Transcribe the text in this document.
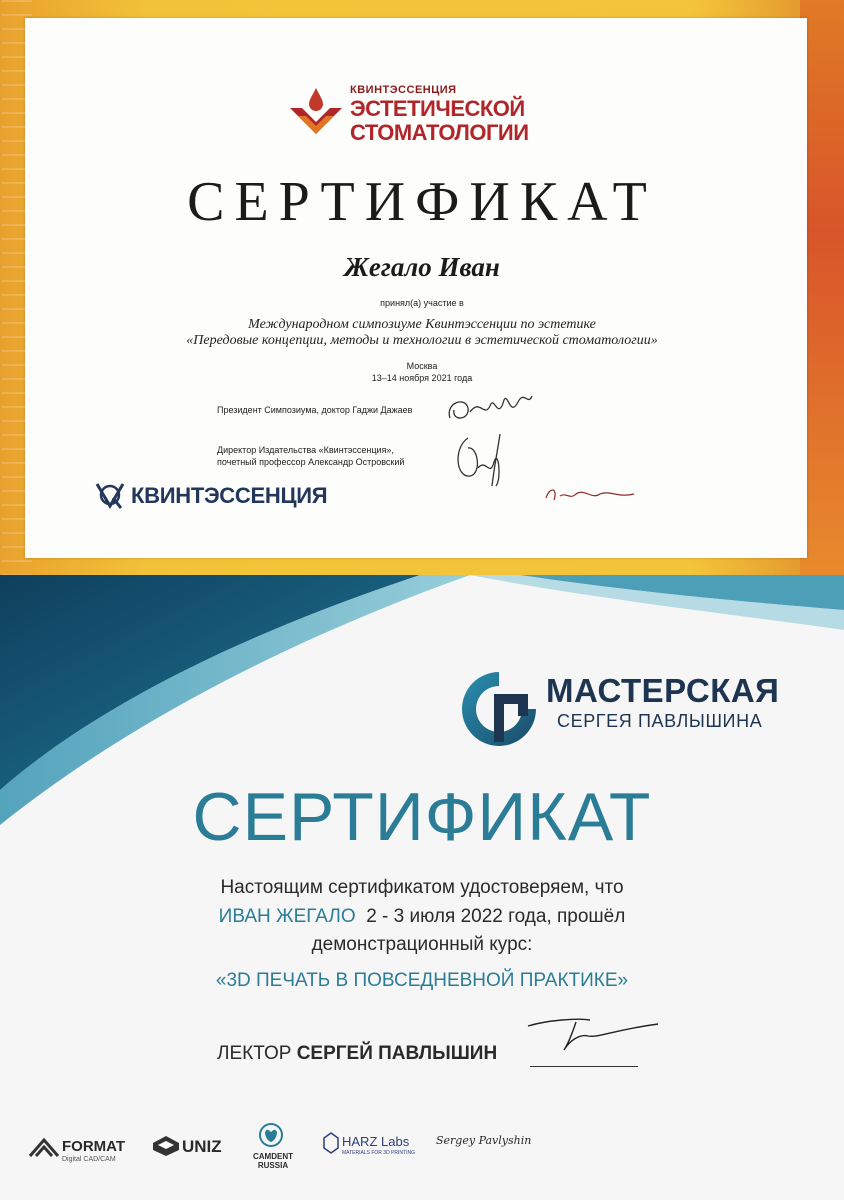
КВИНТЭССЕНЦИЯ
ЭСТЕТИЧЕСКОЙ
СТОМАТОЛОГИИ
СЕРТИФИКАТ
Жегало Иван
принял(а) участие в
Международном симпозиуме Квинтэссенции по эстетике
«Передовые концепции, методы и технологии в эстетической стоматологии»
Москва
13–14 ноября 2021 года
Президент Симпозиума, доктор Гаджи Дажаев
Директор Издательства «Квинтэссенция»,
почетный профессор Александр Островский
КВИНТЭССЕНЦИЯ
МАСТЕРСКАЯ
СЕРГЕЯ ПАВЛЫШИНА
СЕРТИФИКАТ
Настоящим сертификатом удостоверяем, что
ИВАН ЖЕГАЛО 2 - 3 июля 2022 года, прошёл
демонстрационный курс:
«3D ПЕЧАТЬ В ПОВСЕДНЕВНОЙ ПРАКТИКЕ»
ЛЕКТОР СЕРГЕЙ ПАВЛЫШИН
FORMAT
Digital CAD/CAM
UNIZ
CAMDENT
RUSSIA
HARZ Labs
MATERIALS FOR 3D PRINTING
Sergey Pavlyshin
